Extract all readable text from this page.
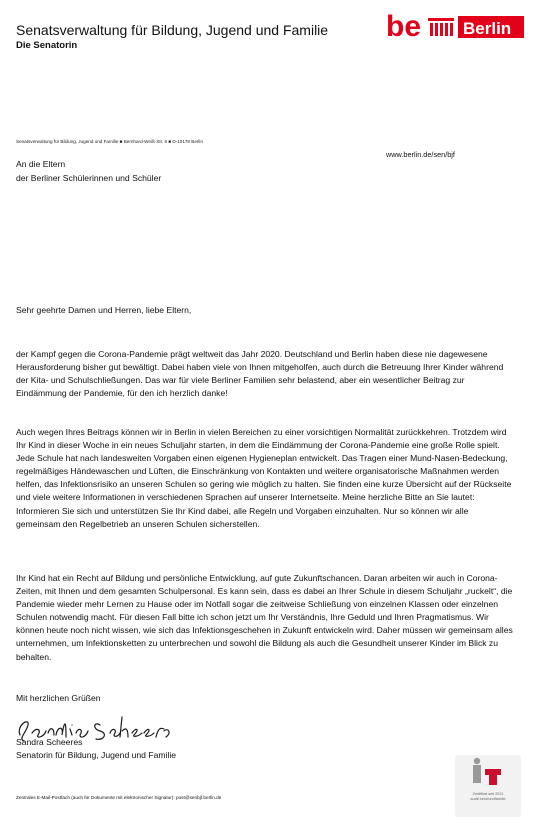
Senatsverwaltung für Bildung, Jugend und Familie
Die Senatorin
be Berlin
Senatsverwaltung für Bildung, Jugend und Familie ■ Bernhard-Weiß-Str. 6 ■ D-10178 Berlin
www.berlin.de/sen/bjf
An die Eltern
der Berliner Schülerinnen und Schüler
Sehr geehrte Damen und Herren, liebe Eltern,
der Kampf gegen die Corona-Pandemie prägt weltweit das Jahr 2020. Deutschland und Berlin haben diese nie dagewesene Herausforderung bisher gut bewältigt. Dabei haben viele von Ihnen mitgeholfen, auch durch die Betreuung Ihrer Kinder während der Kita- und Schulschließungen. Das war für viele Berliner Familien sehr belastend, aber ein wesentlicher Beitrag zur Eindämmung der Pandemie, für den ich herzlich danke!
Auch wegen Ihres Beitrags können wir in Berlin in vielen Bereichen zu einer vorsichtigen Normalität zurückkehren. Trotzdem wird Ihr Kind in dieser Woche in ein neues Schuljahr starten, in dem die Eindämmung der Corona-Pandemie eine große Rolle spielt. Jede Schule hat nach landesweiten Vorgaben einen eigenen Hygieneplan entwickelt. Das Tragen einer Mund-Nasen-Bedeckung, regelmäßiges Händewaschen und Lüften, die Einschränkung von Kontakten und weitere organisatorische Maßnahmen werden helfen, das Infektionsrisiko an unseren Schulen so gering wie möglich zu halten. Sie finden eine kurze Übersicht auf der Rückseite und viele weitere Informationen in verschiedenen Sprachen auf unserer Internetseite. Meine herzliche Bitte an Sie lautet: Informieren Sie sich und unterstützen Sie Ihr Kind dabei, alle Regeln und Vorgaben einzuhalten. Nur so können wir alle gemeinsam den Regelbetrieb an unseren Schulen sicherstellen.
Ihr Kind hat ein Recht auf Bildung und persönliche Entwicklung, auf gute Zukunftschancen. Daran arbeiten wir auch in Corona-Zeiten, mit Ihnen und dem gesamten Schulpersonal. Es kann sein, dass es dabei an Ihrer Schule in diesem Schuljahr „ruckelt“, die Pandemie wieder mehr Lernen zu Hause oder im Notfall sogar die zeitweise Schließung von einzelnen Klassen oder einzelnen Schulen notwendig macht. Für diesen Fall bitte ich schon jetzt um Ihr Verständnis, Ihre Geduld und Ihren Pragmatismus. Wir können heute noch nicht wissen, wie sich das Infektionsgeschehen in Zukunft entwickeln wird. Daher müssen wir gemeinsam alles unternehmen, um Infektionsketten zu unterbrechen und sowohl die Bildung als auch die Gesundheit unserer Kinder im Blick zu behalten.
Mit herzlichen Grüßen
Sandra Scheeres
Senatorin für Bildung, Jugend und Familie
Zentrales E-Mail-Postfach (auch für Dokumente mit elektronischer Signatur): post@senbjf.berlin.de
Zertifikat seit 2011
audit berufundfamilie
